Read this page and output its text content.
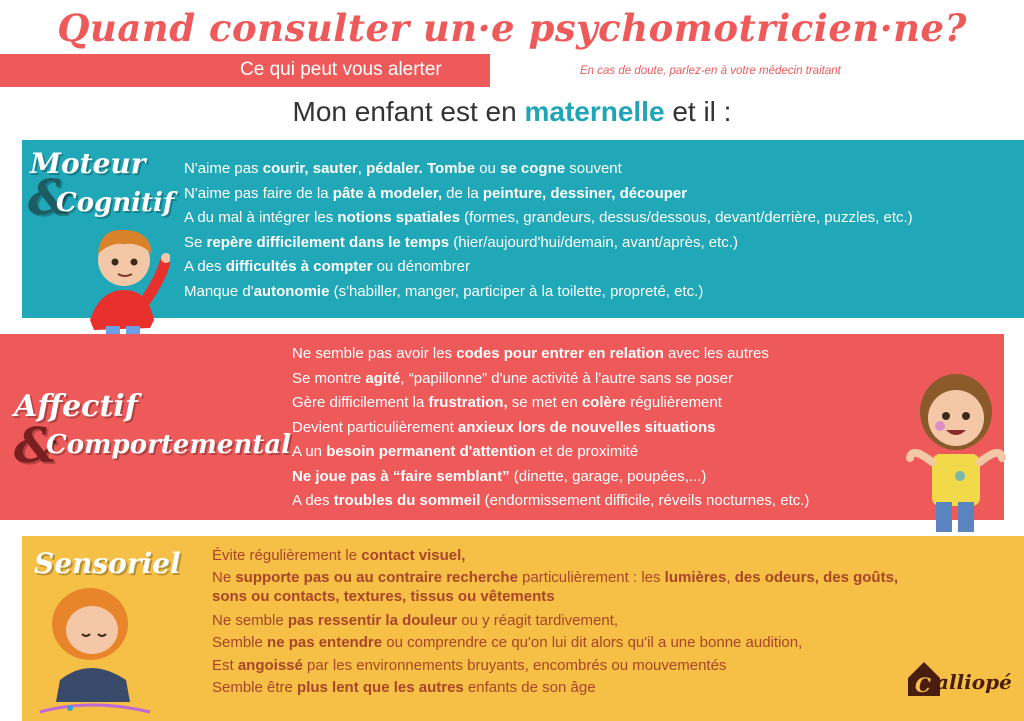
Quand consulter un·e psychomotricien·ne?
Ce qui peut vous alerter	En cas de doute, parlez-en à votre médecin traitant
Mon enfant est en maternelle et il :
Moteur
&
Cognitif
N'aime pas courir, sauter, pédaler. Tombe ou se cogne souvent
N'aime pas faire de la pâte à modeler, de la peinture, dessiner, découper
A du mal à intégrer les notions spatiales (formes, grandeurs, dessus/dessous, devant/derrière, puzzles, etc.)
Se repère difficilement dans le temps (hier/aujourd'hui/demain, avant/après, etc.)
A des difficultés à compter ou dénombrer
Manque d'autonomie (s'habiller, manger, participer à la toilette, propreté, etc.)
Affectif
&
Comportemental
Ne semble pas avoir les codes pour entrer en relation avec les autres
Se montre agité, “papillonne” d'une activité à l'autre sans se poser
Gère difficilement la frustration, se met en colère régulièrement
Devient particulièrement anxieux lors de nouvelles situations
A un besoin permanent d'attention et de proximité
Ne joue pas à “faire semblant” (dinette, garage, poupées,...)
A des troubles du sommeil (endormissement difficile, réveils nocturnes, etc.)
Sensoriel Évite régulièrement le contact visuel,
Ne supporte pas ou au contraire recherche particulièrement : les lumières, des odeurs, des goûts, sons ou contacts, textures, tissus ou vêtements
Ne semble pas ressentir la douleur ou y réagit tardivement,
Semble ne pas entendre ou comprendre ce qu'on lui dit alors qu'il a une bonne audition,
Est angoissé par les environnements bruyants, encombrés ou mouvementés
Semble être plus lent que les autres enfants de son âge	C alliopé
